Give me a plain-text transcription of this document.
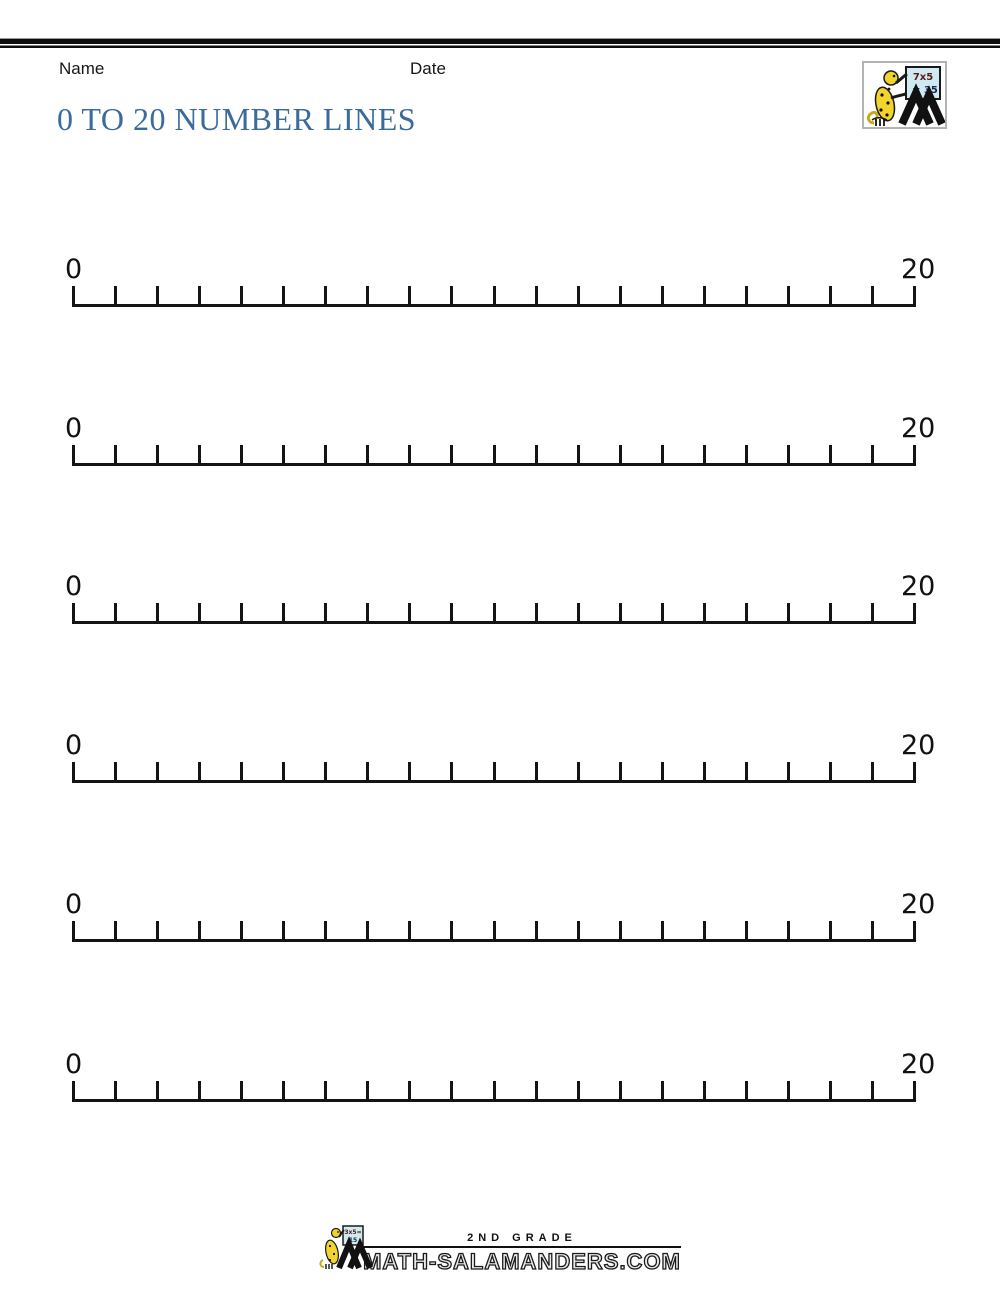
Name	Date
0 TO 20 NUMBER LINES
7x5
= 35
0	20
0	20
0	20
0	20
0	20
0	20
3x5=
15	2ND GRADE
MATH-SALAMANDERS.COM
